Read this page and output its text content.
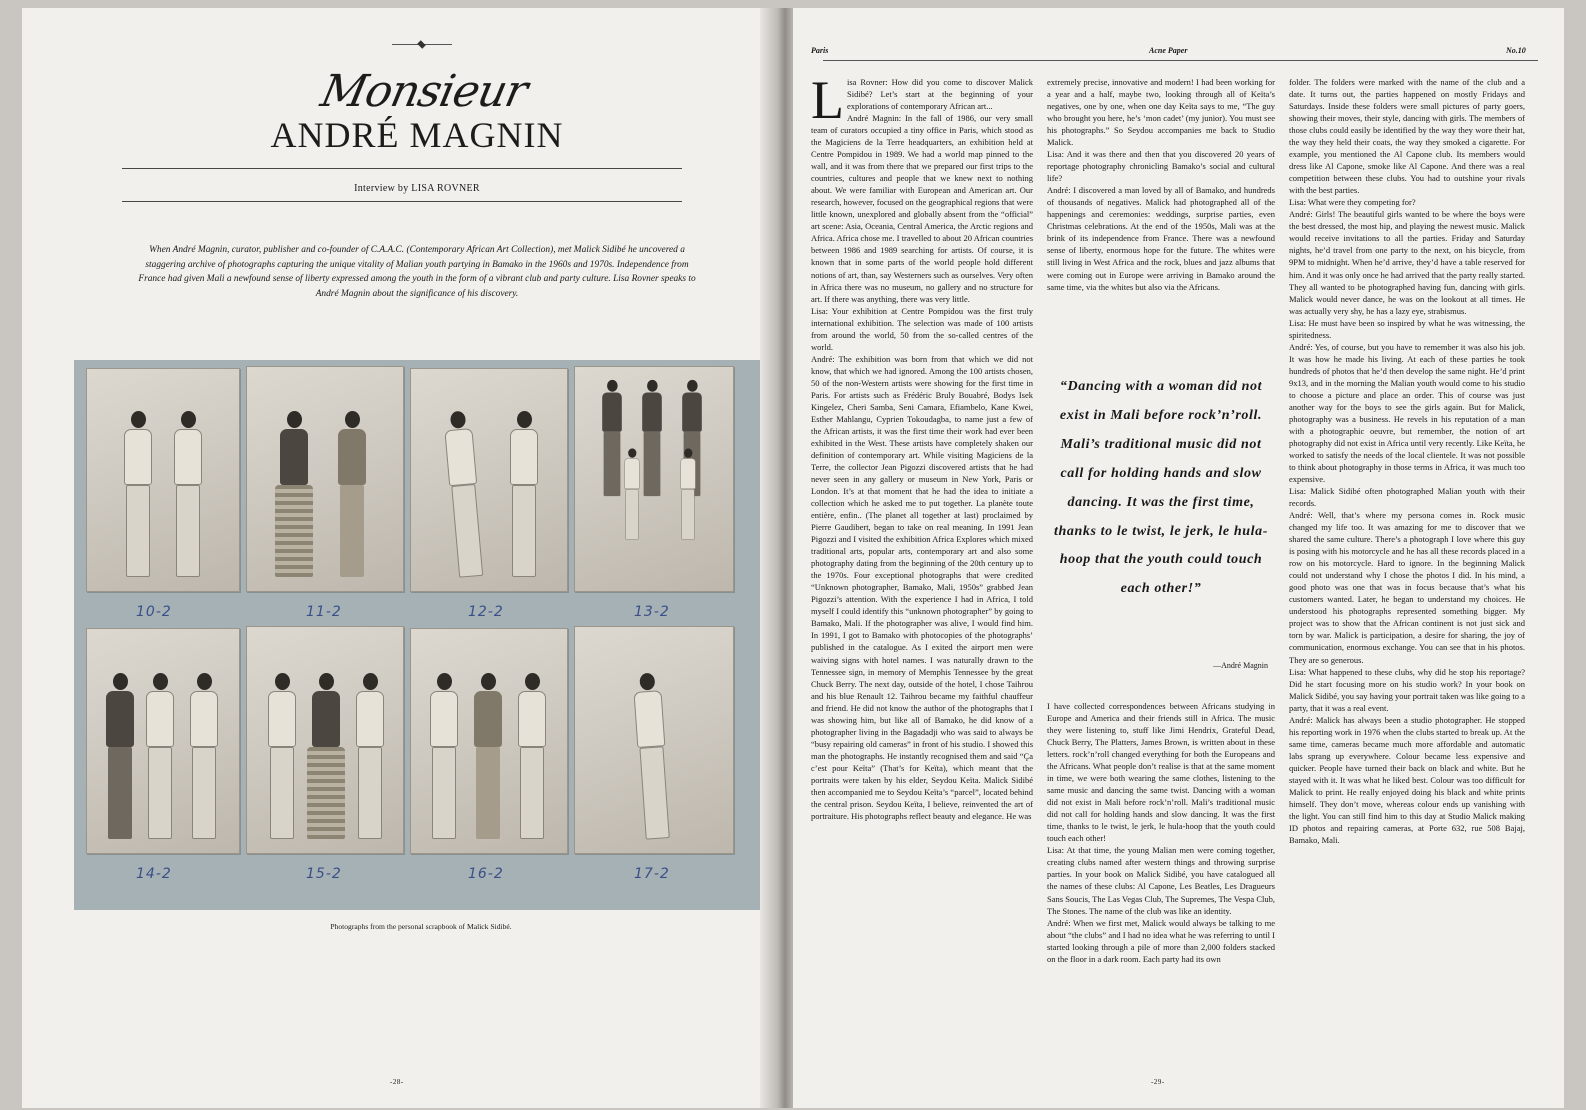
Monsieur
ANDRÉ MAGNIN
Interview by LISA ROVNER
When André Magnin, curator, publisher and co-founder of C.A.A.C. (Contemporary African Art Collection), met Malick Sidibé he uncovered a staggering archive of photographs capturing the unique vitality of Malian youth partying in Bamako in the 1960s and 1970s. Independence from France had given Mali a newfound sense of liberty expressed among the youth in the form of a vibrant club and party culture. Lisa Rovner speaks to André Magnin about the significance of his discovery.
10-2	11-2	12-2	13-2
14-2	15-2	16-2	17-2
Photographs from the personal scrapbook of Malick Sidibé.
-28-
Paris	Acne Paper	No.10

Lisa Rovner: How did you come to discover Malick Sidibé? Let’s start at the beginning of your explorations of contemporary African art...

André Magnin: In the fall of 1986, our very small team of curators occupied a tiny office in Paris, which stood as the Magiciens de la Terre headquarters, an exhibition held at Centre Pompidou in 1989. We had a world map pinned to the wall, and it was from there that we prepared our first trips to the countries, cultures and people that we knew next to nothing about. We were familiar with European and American art. Our research, however, focused on the geographical regions that were little known, unexplored and globally absent from the “official” art scene: Asia, Oceania, Central America, the Arctic regions and Africa. Africa chose me. I travelled to about 20 African countries between 1986 and 1989 searching for artists. Of course, it is known that in some parts of the world people hold different notions of art, than, say Westerners such as ourselves. Very often in Africa there was no museum, no gallery and no structure for art. If there was anything, there was very little.

Lisa: Your exhibition at Centre Pompidou was the first truly international exhibition. The selection was made of 100 artists from around the world, 50 from the so-called centres of the world.

André: The exhibition was born from that which we did not know, that which we had ignored. Among the 100 artists chosen, 50 of the non-Western artists were showing for the first time in Paris. For artists such as Frédéric Bruly Bouabré, Bodys Isek Kingelez, Cheri Samba, Seni Camara, Efiambelo, Kane Kwei, Esther Mahlangu, Cyprien Tokoudagba, to name just a few of the African artists, it was the first time their work had ever been exhibited in the West. These artists have completely shaken our definition of contemporary art. While visiting Magiciens de la Terre, the collector Jean Pigozzi discovered artists that he had never seen in any gallery or museum in New York, Paris or London. It’s at that moment that he had the idea to initiate a collection which he asked me to put together. La planète toute entière, enfin.. (The planet all together at last) proclaimed by Pierre Gaudibert, began to take on real meaning. In 1991 Jean Pigozzi and I visited the exhibition Africa Explores which mixed traditional arts, popular arts, contemporary art and also some photography dating from the beginning of the 20th century up to the 1970s. Four exceptional photographs that were credited “Unknown photographer, Bamako, Mali, 1950s” grabbed Jean Pigozzi’s attention. With the experience I had in Africa, I told myself I could identify this “unknown photographer” by going to Bamako, Mali. If the photographer was alive, I would find him. In 1991, I got to Bamako with photocopies of the photographs’ published in the catalogue. As I exited the airport men were waiving signs with hotel names. I was naturally drawn to the Tennessee sign, in memory of Memphis Tennessee by the great Chuck Berry. The next day, outside of the hotel, I chose Taihrou and his blue Renault 12. Taihrou became my faithful chauffeur and friend. He did not know the author of the photographs that I was showing him, but like all of Bamako, he did know of a photographer living in the Bagadadji who was said to always be “busy repairing old cameras” in front of his studio. I showed this man the photographs. He instantly recognised them and said “Ça c’est pour Keïta” (That’s for Keïta), which meant that the portraits were taken by his elder, Seydou Keïta. Malick Sidibé then accompanied me to Seydou Keïta’s “parcel”, located behind the central prison. Seydou Keïta, I believe, reinvented the art of portraiture. His photographs reflect beauty and elegance. He was

extremely precise, innovative and modern! I had been working for a year and a half, maybe two, looking through all of Keïta’s negatives, one by one, when one day Keïta says to me, “The guy who brought you here, he’s ‘mon cadet’ (my junior). You must see his photographs.” So Seydou accompanies me back to Studio Malick.

Lisa: And it was there and then that you discovered 20 years of reportage photography chronicling Bamako’s social and cultural life?

André: I discovered a man loved by all of Bamako, and hundreds of thousands of negatives. Malick had photographed all of the happenings and ceremonies: weddings, surprise parties, even Christmas celebrations. At the end of the 1950s, Mali was at the brink of its independence from France. There was a newfound sense of liberty, enormous hope for the future. The whites were still living in West Africa and the rock, blues and jazz albums that were coming out in Europe were arriving in Bamako around the same time, via the whites but also via the Africans.

“Dancing with a woman did not exist in Mali before rock’n’roll. Mali’s traditional music did not call for holding hands and slow dancing. It was the first time, thanks to le twist, le jerk, le hula-hoop that the youth could touch each other!”
—André Magnin

I have collected correspondences between Africans studying in Europe and America and their friends still in Africa. The music they were listening to, stuff like Jimi Hendrix, Grateful Dead, Chuck Berry, The Platters, James Brown, is written about in these letters. rock’n’roll changed everything for both the Europeans and the Africans. What people don’t realise is that at the same moment in time, we were both wearing the same clothes, listening to the same music and dancing the same twist. Dancing with a woman did not exist in Mali before rock’n’roll. Mali’s traditional music did not call for holding hands and slow dancing. It was the first time, thanks to le twist, le jerk, le hula-hoop that the youth could touch each other!

Lisa: At that time, the young Malian men were coming together, creating clubs named after western things and throwing surprise parties. In your book on Malick Sidibé, you have catalogued all the names of these clubs: Al Capone, Les Beatles, Les Dragueurs Sans Soucis, The Las Vegas Club, The Supremes, The Vespa Club, The Stones. The name of the club was like an identity.

André: When we first met, Malick would always be talking to me about “the clubs” and I had no idea what he was referring to until I started looking through a pile of more than 2,000 folders stacked on the floor in a dark room. Each party had its own

folder. The folders were marked with the name of the club and a date. It turns out, the parties happened on mostly Fridays and Saturdays. Inside these folders were small pictures of party goers, showing their moves, their style, dancing with girls. The members of those clubs could easily be identified by the way they wore their hat, the way they held their coats, the way they smoked a cigarette. For example, you mentioned the Al Capone club. Its members would dress like Al Capone, smoke like Al Capone. And there was a real competition between these clubs. You had to outshine your rivals with the best parties.

Lisa: What were they competing for?

André: Girls! The beautiful girls wanted to be where the boys were the best dressed, the most hip, and playing the newest music. Malick would receive invitations to all the parties. Friday and Saturday nights, he’d travel from one party to the next, on his bicycle, from 9PM to midnight. When he’d arrive, they’d have a table reserved for him. And it was only once he had arrived that the party really started. They all wanted to be photographed having fun, dancing with girls. Malick would never dance, he was on the lookout at all times. He was actually very shy, he has a lazy eye, strabismus.

Lisa: He must have been so inspired by what he was witnessing, the spiritedness.

André: Yes, of course, but you have to remember it was also his job. It was how he made his living. At each of these parties he took hundreds of photos that he’d then develop the same night. He’d print 9x13, and in the morning the Malian youth would come to his studio to choose a picture and place an order. This of course was just another way for the boys to see the girls again. But for Malick, photography was a business. He revels in his reputation of a man with a photographic oeuvre, but remember, the notion of art photography did not exist in Africa until very recently. Like Keïta, he worked to satisfy the needs of the local clientele. It was not possible to think about photography in those terms in Africa, it was much too expensive.

Lisa: Malick Sidibé often photographed Malian youth with their records.

André: Well, that’s where my persona comes in. Rock music changed my life too. It was amazing for me to discover that we shared the same culture. There’s a photograph I love where this guy is posing with his motorcycle and he has all these records placed in a row on his motorcycle. Hard to ignore. In the beginning Malick could not understand why I chose the photos I did. In his mind, a good photo was one that was in focus because that’s what his customers wanted. Later, he began to understand my choices. He understood his photographs represented something bigger. My project was to show that the African continent is not just sick and torn by war. Malick is participation, a desire for sharing, the joy of communication, enormous exchange. You can see that in his photos. They are so generous.

Lisa: What happened to these clubs, why did he stop his reportage? Did he start focusing more on his studio work? In your book on Malick Sidibé, you say having your portrait taken was like going to a party, that it was a real event.

André: Malick has always been a studio photographer. He stopped his reporting work in 1976 when the clubs started to break up. At the same time, cameras became much more affordable and automatic labs sprang up everywhere. Colour became less expensive and quicker. People have turned their back on black and white. But he stayed with it. It was what he liked best. Colour was too difficult for Malick to print. He really enjoyed doing his black and white prints himself. They don’t move, whereas colour ends up vanishing with the light. You can still find him to this day at Studio Malick making ID photos and repairing cameras, at Porte 632, rue 508 Bajaj, Bamako, Mali.

-29-
